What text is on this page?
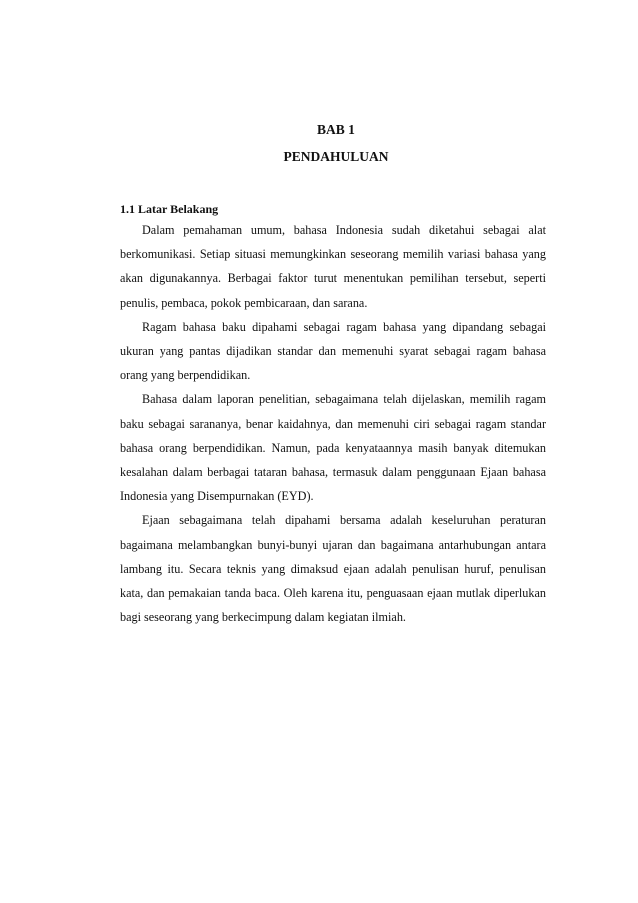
BAB 1
PENDAHULUAN
1.1 Latar Belakang

Dalam pemahaman umum, bahasa Indonesia sudah diketahui sebagai alat berkomunikasi. Setiap situasi memungkinkan seseorang memilih variasi bahasa yang akan digunakannya. Berbagai faktor turut menentukan pemilihan tersebut, seperti penulis, pembaca, pokok pembicaraan, dan sarana.

Ragam bahasa baku dipahami sebagai ragam bahasa yang dipandang sebagai ukuran yang pantas dijadikan standar dan memenuhi syarat sebagai ragam bahasa orang yang berpendidikan.

Bahasa dalam laporan penelitian, sebagaimana telah dijelaskan, memilih ragam baku sebagai sarananya, benar kaidahnya, dan memenuhi ciri sebagai ragam standar bahasa orang berpendidikan. Namun, pada kenyataannya masih banyak ditemukan kesalahan dalam berbagai tataran bahasa, termasuk dalam penggunaan Ejaan bahasa Indonesia yang Disempurnakan (EYD).

Ejaan sebagaimana telah dipahami bersama adalah keseluruhan peraturan bagaimana melambangkan bunyi-bunyi ujaran dan bagaimana antarhubungan antara lambang itu. Secara teknis yang dimaksud ejaan adalah penulisan huruf, penulisan kata, dan pemakaian tanda baca. Oleh karena itu, penguasaan ejaan mutlak diperlukan bagi seseorang yang berkecimpung dalam kegiatan ilmiah.
